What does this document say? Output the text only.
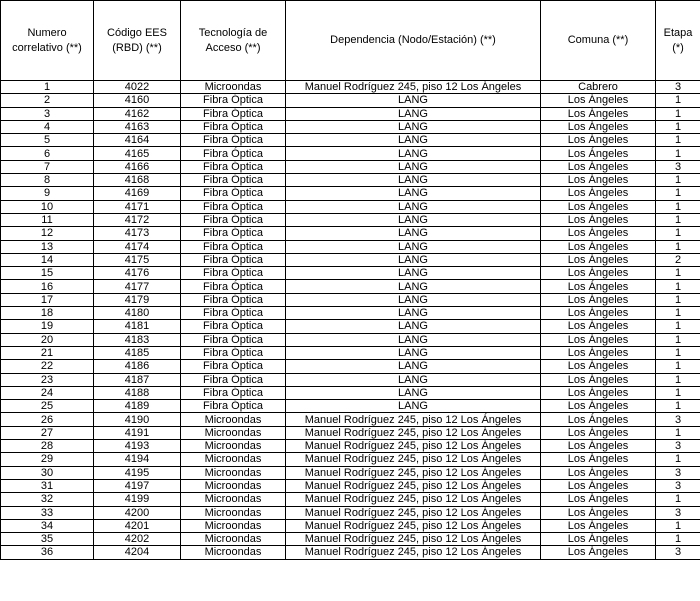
Numero correlativo (**)	Código EES (RBD) (**)	Tecnología de Acceso (**)	Dependencia (Nodo/Estación) (**)	Comuna (**)	Etapa (*)
1	4022	Microondas	Manuel Rodríguez 245, piso 12 Los Ángeles	Cabrero	3
2	4160	Fibra Óptica	LANG	Los Ángeles	1
3	4162	Fibra Óptica	LANG	Los Ángeles	1
4	4163	Fibra Óptica	LANG	Los Ángeles	1
5	4164	Fibra Óptica	LANG	Los Ángeles	1
6	4165	Fibra Óptica	LANG	Los Ángeles	1
7	4166	Fibra Óptica	LANG	Los Ángeles	3
8	4168	Fibra Óptica	LANG	Los Ángeles	1
9	4169	Fibra Óptica	LANG	Los Ángeles	1
10	4171	Fibra Óptica	LANG	Los Ángeles	1
11	4172	Fibra Óptica	LANG	Los Ángeles	1
12	4173	Fibra Óptica	LANG	Los Ángeles	1
13	4174	Fibra Óptica	LANG	Los Ángeles	1
14	4175	Fibra Óptica	LANG	Los Ángeles	2
15	4176	Fibra Óptica	LANG	Los Ángeles	1
16	4177	Fibra Óptica	LANG	Los Ángeles	1
17	4179	Fibra Óptica	LANG	Los Ángeles	1
18	4180	Fibra Óptica	LANG	Los Ángeles	1
19	4181	Fibra Óptica	LANG	Los Ángeles	1
20	4183	Fibra Óptica	LANG	Los Ángeles	1
21	4185	Fibra Óptica	LANG	Los Ángeles	1
22	4186	Fibra Óptica	LANG	Los Ángeles	1
23	4187	Fibra Óptica	LANG	Los Ángeles	1
24	4188	Fibra Óptica	LANG	Los Ángeles	1
25	4189	Fibra Óptica	LANG	Los Ángeles	1
26	4190	Microondas	Manuel Rodríguez 245, piso 12 Los Ángeles	Los Ángeles	3
27	4191	Microondas	Manuel Rodríguez 245, piso 12 Los Ángeles	Los Ángeles	1
28	4193	Microondas	Manuel Rodríguez 245, piso 12 Los Ángeles	Los Ángeles	3
29	4194	Microondas	Manuel Rodríguez 245, piso 12 Los Ángeles	Los Ángeles	1
30	4195	Microondas	Manuel Rodríguez 245, piso 12 Los Ángeles	Los Ángeles	3
31	4197	Microondas	Manuel Rodríguez 245, piso 12 Los Ángeles	Los Ángeles	3
32	4199	Microondas	Manuel Rodríguez 245, piso 12 Los Ángeles	Los Ángeles	1
33	4200	Microondas	Manuel Rodríguez 245, piso 12 Los Ángeles	Los Ángeles	3
34	4201	Microondas	Manuel Rodríguez 245, piso 12 Los Ángeles	Los Ángeles	1
35	4202	Microondas	Manuel Rodríguez 245, piso 12 Los Ángeles	Los Ángeles	1
36	4204	Microondas	Manuel Rodríguez 245, piso 12 Los Ángeles	Los Ángeles	3
